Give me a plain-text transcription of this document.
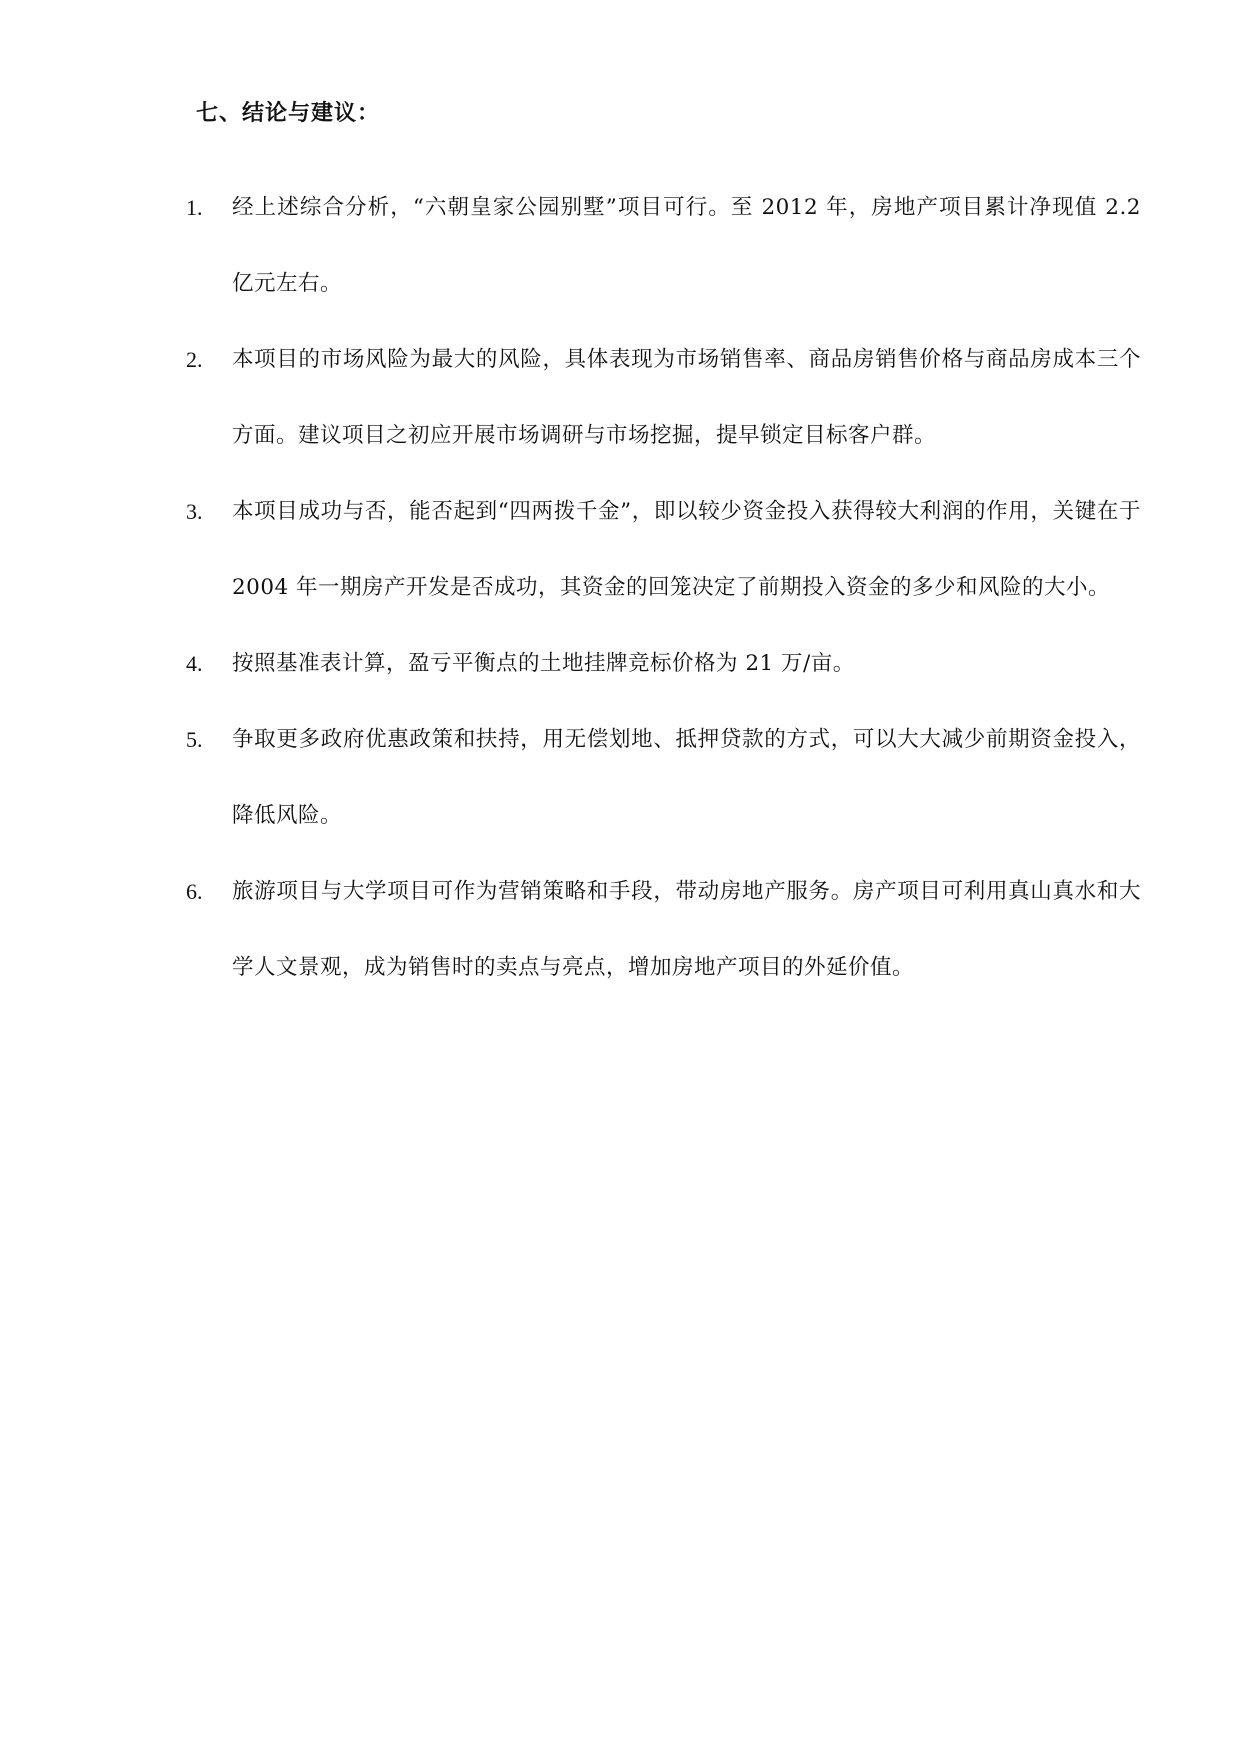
七、结论与建议：
1.	经上述综合分析，“六朝皇家公园别墅”项目可行。至 2012 年，房地产项目累计净现值 2.2 亿元左右。
2.	本项目的市场风险为最大的风险，具体表现为市场销售率、商品房销售价格与商品房成本三个方面。建议项目之初应开展市场调研与市场挖掘，提早锁定目标客户群。
3.	本项目成功与否，能否起到“四两拨千金”，即以较少资金投入获得较大利润的作用，关键在于 2004 年一期房产开发是否成功，其资金的回笼决定了前期投入资金的多少和风险的大小。
4.	按照基准表计算，盈亏平衡点的土地挂牌竞标价格为 21 万/亩。
5.	争取更多政府优惠政策和扶持，用无偿划地、抵押贷款的方式，可以大大减少前期资金投入，降低风险。
6.	旅游项目与大学项目可作为营销策略和手段，带动房地产服务。房产项目可利用真山真水和大学人文景观，成为销售时的卖点与亮点，增加房地产项目的外延价值。
